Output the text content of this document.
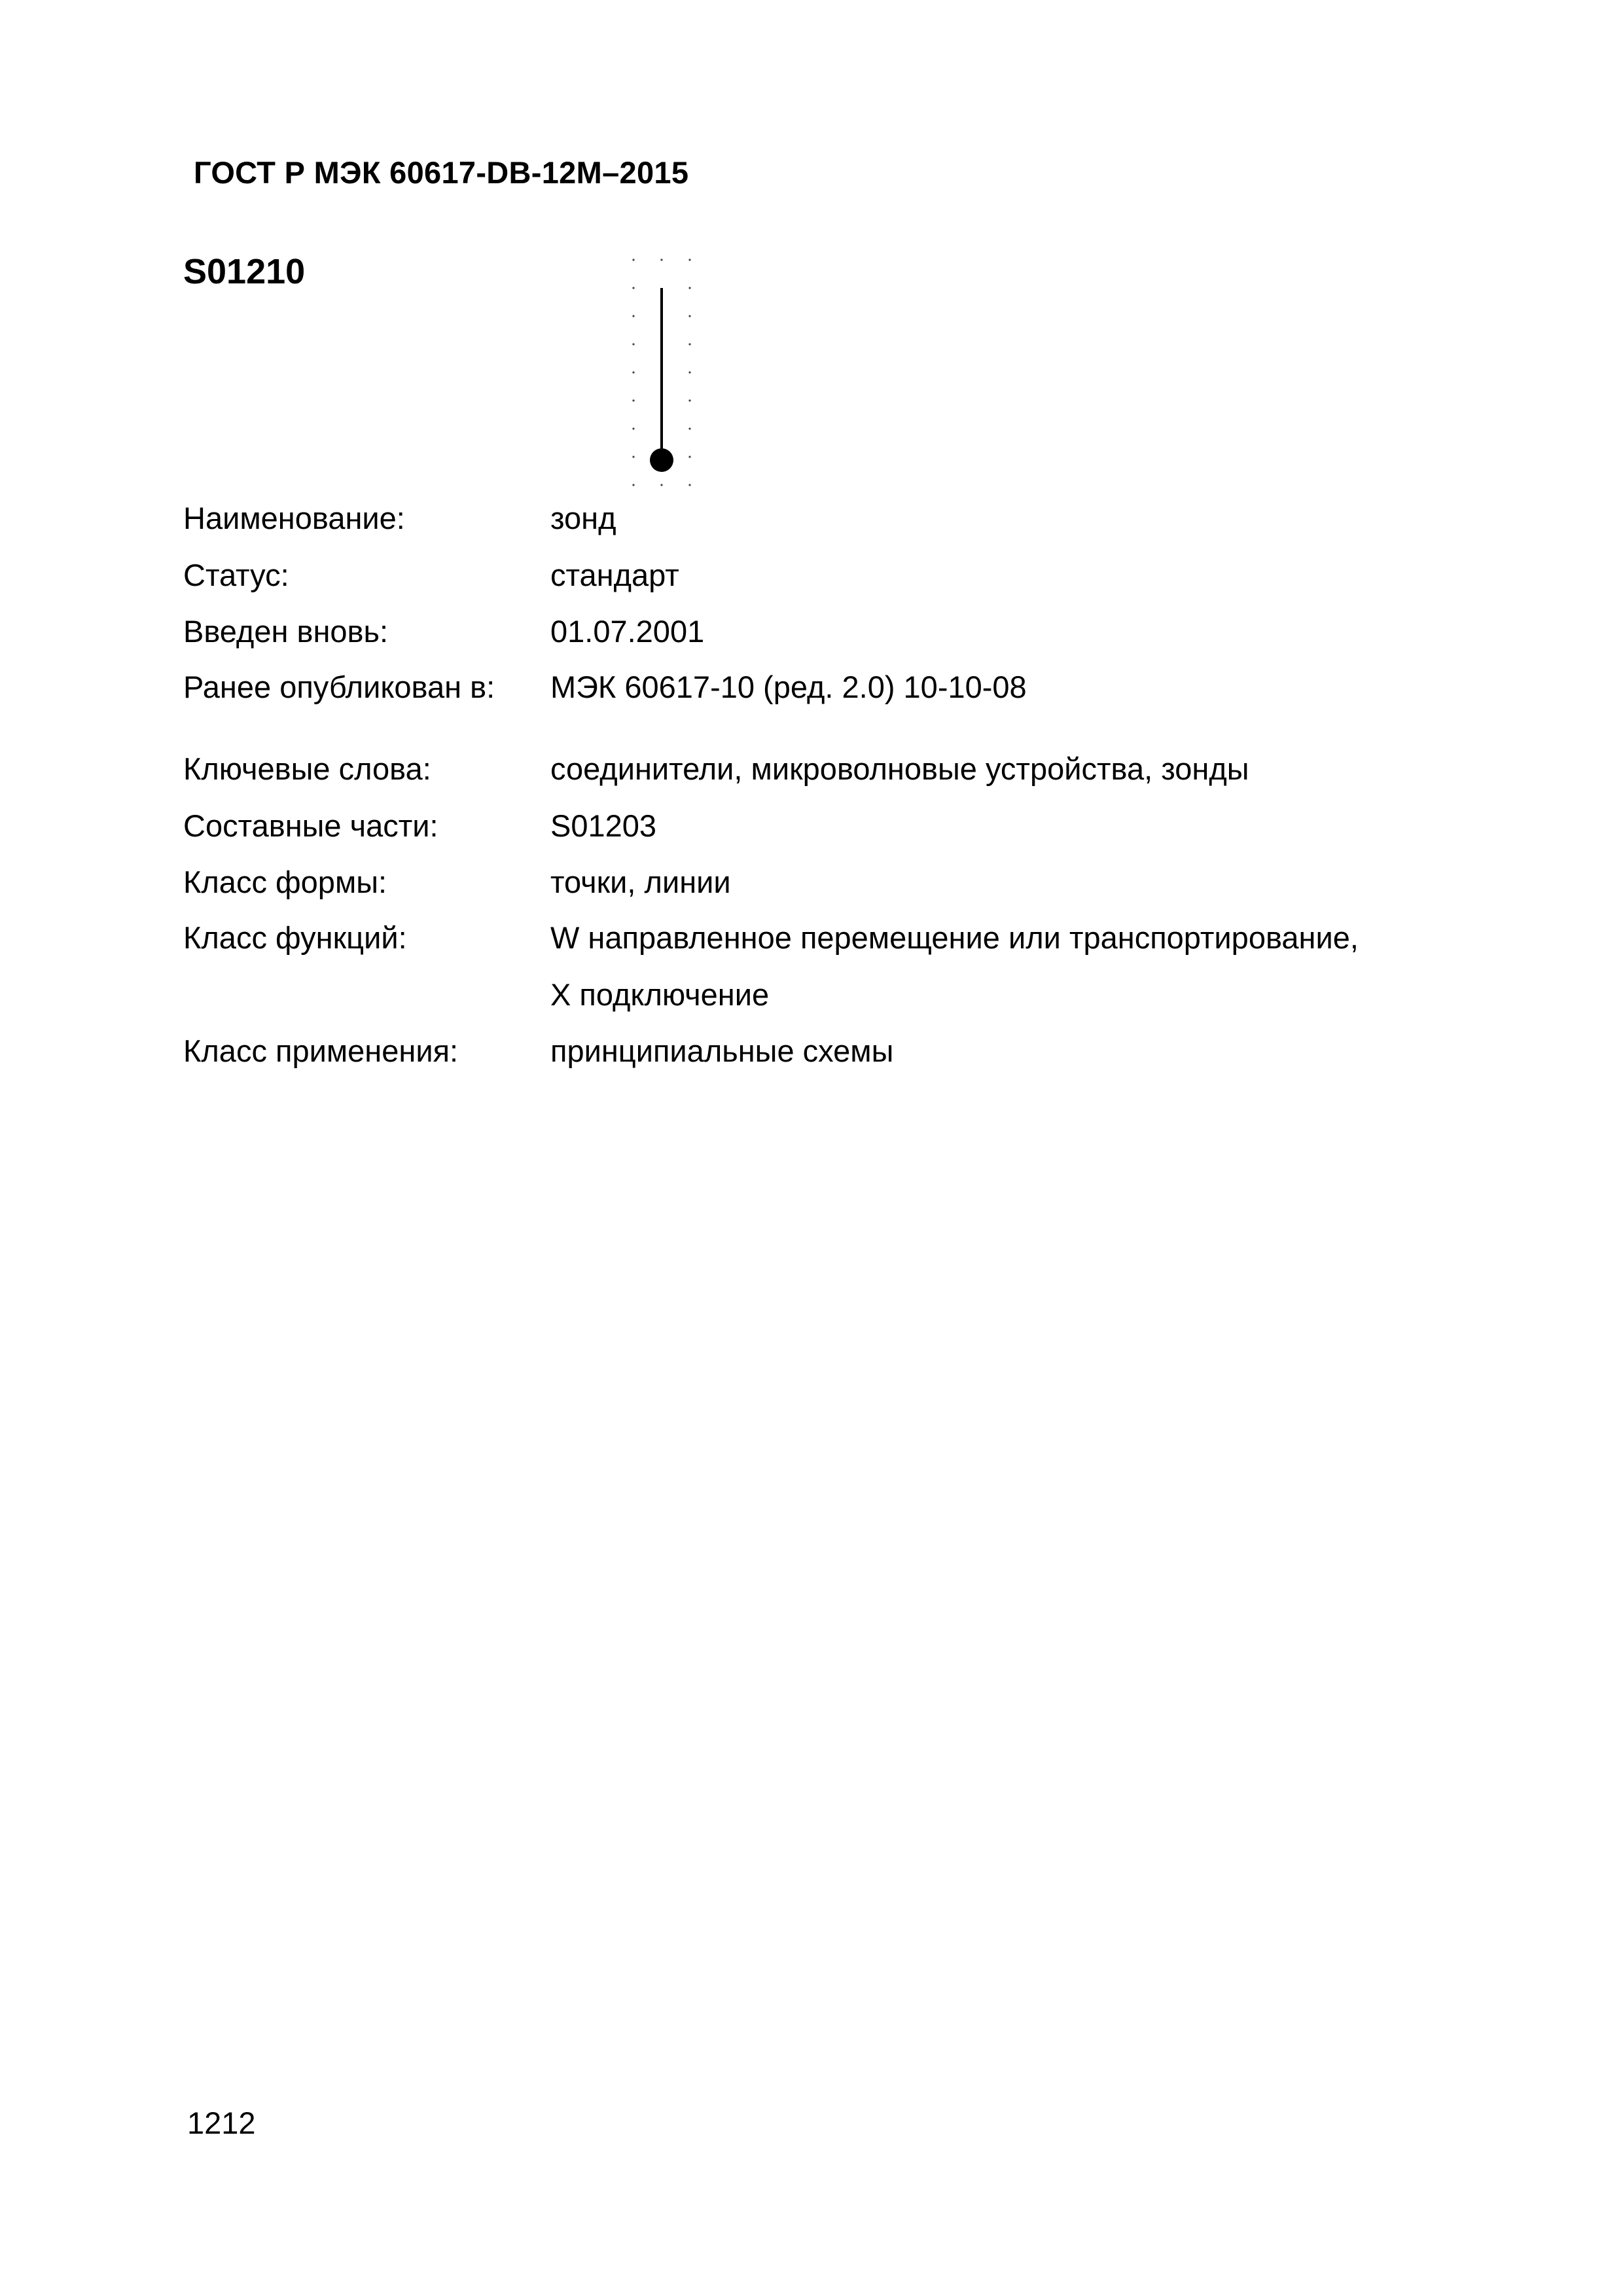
ГОСТ Р МЭК 60617-DB-12M–2015
S01210
Наименование:	зонд
Статус:	стандарт
Введен вновь:	01.07.2001
Ранее опубликован в: МЭК 60617-10 (ред. 2.0) 10-10-08
Ключевые слова:	соединители, микроволновые устройства, зонды
Составные части:	S01203
Класс формы:	точки, линии
Класс функций:	W направленное перемещение или транспортирование,
X подключение
Класс применения:	принципиальные схемы
1212
